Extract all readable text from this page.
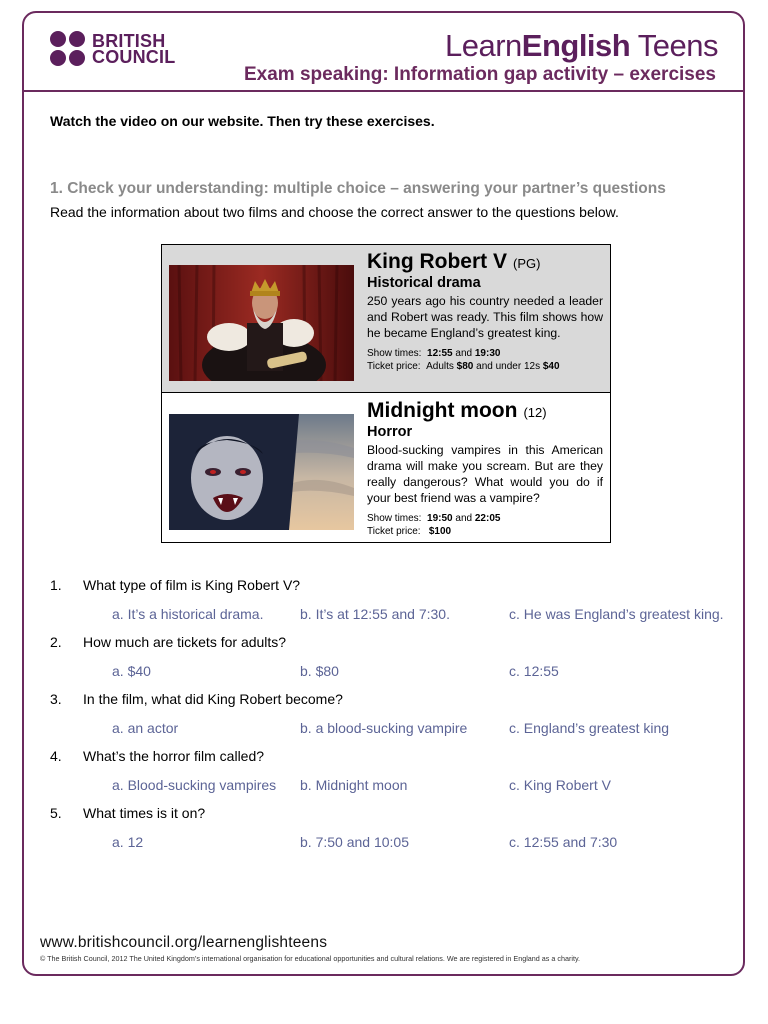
BRITISH
COUNCIL	LearnEnglish Teens
Exam speaking: Information gap activity – exercises
Watch the video on our website. Then try these exercises.
1. Check your understanding: multiple choice – answering your partner’s questions
Read the information about two films and choose the correct answer to the questions below.
King Robert V (PG)
Historical drama
250 years ago his country needed a leader and Robert was ready. This film shows how he became England’s greatest king.
Show times: 12:55 and 19:30
Ticket price: Adults $80 and under 12s $40
Midnight moon (12)
Horror
Blood-sucking vampires in this American drama will make you scream. But are they really dangerous? What would you do if your best friend was a vampire?
Show times: 19:50 and 22:05
Ticket price: $100
1. What type of film is King Robert V?
a. It’s a historical drama.	b. It’s at 12:55 and 7:30.	c. He was England’s greatest king.
2. How much are tickets for adults?
a. $40	b. $80	c. 12:55
3. In the film, what did King Robert become?
a. an actor	b. a blood-sucking vampire	c. England’s greatest king
4. What’s the horror film called?
a. Blood-sucking vampires b. Midnight moon	c. King Robert V
5. What times is it on?
a. 12	b. 7:50 and 10:05	c. 12:55 and 7:30
www.britishcouncil.org/learnenglishteens
© The British Council, 2012 The United Kingdom’s international organisation for educational opportunities and cultural relations. We are registered in England as a charity.
